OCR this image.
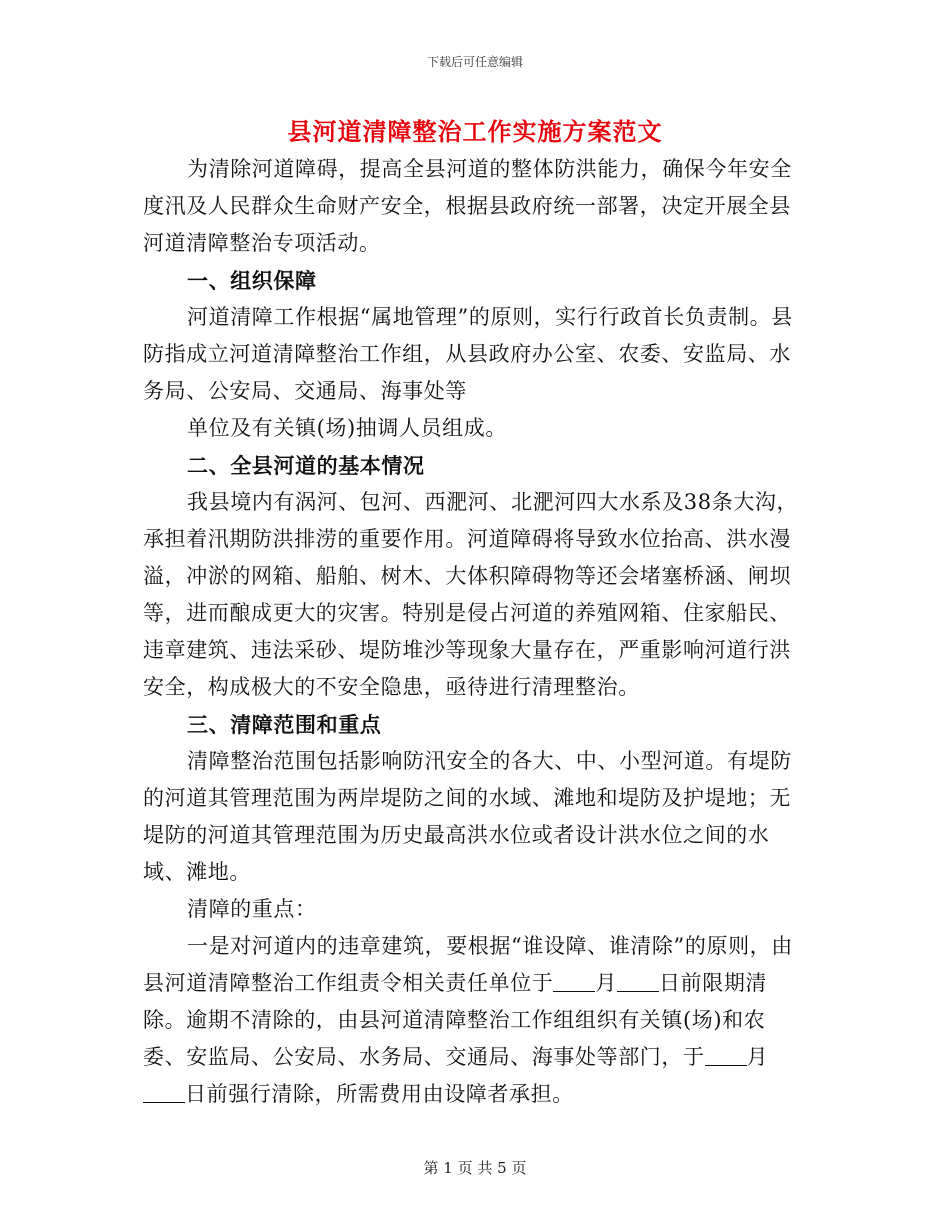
下载后可任意编辑
县河道清障整治工作实施方案范文

为清除河道障碍，提高全县河道的整体防洪能力，确保今年安全度汛及人民群众生命财产安全，根据县政府统一部署，决定开展全县河道清障整治专项活动。

一、组织保障

河道清障工作根据“属地管理”的原则，实行行政首长负责制。县防指成立河道清障整治工作组，从县政府办公室、农委、安监局、水务局、公安局、交通局、海事处等

单位及有关镇(场)抽调人员组成。

二、全县河道的基本情况

我县境内有涡河、包河、西淝河、北淝河四大水系及38条大沟，承担着汛期防洪排涝的重要作用。河道障碍将导致水位抬高、洪水漫溢，冲淤的网箱、船舶、树木、大体积障碍物等还会堵塞桥涵、闸坝等，进而酿成更大的灾害。特别是侵占河道的养殖网箱、住家船民、违章建筑、违法采砂、堤防堆沙等现象大量存在，严重影响河道行洪安全，构成极大的不安全隐患，亟待进行清理整治。

三、清障范围和重点

清障整治范围包括影响防汛安全的各大、中、小型河道。有堤防的河道其管理范围为两岸堤防之间的水域、滩地和堤防及护堤地；无堤防的河道其管理范围为历史最高洪水位或者设计洪水位之间的水域、滩地。

清障的重点：

一是对河道内的违章建筑，要根据“谁设障、谁清除”的原则，由县河道清障整治工作组责令相关责任单位于 月 日前限期清除。逾期不清除的，由县河道清障整治工作组组织有关镇(场)和农委、安监局、公安局、水务局、交通局、海事处等部门，于 月日前强行清除，所需费用由设障者承担。

第 1 页 共 5 页
